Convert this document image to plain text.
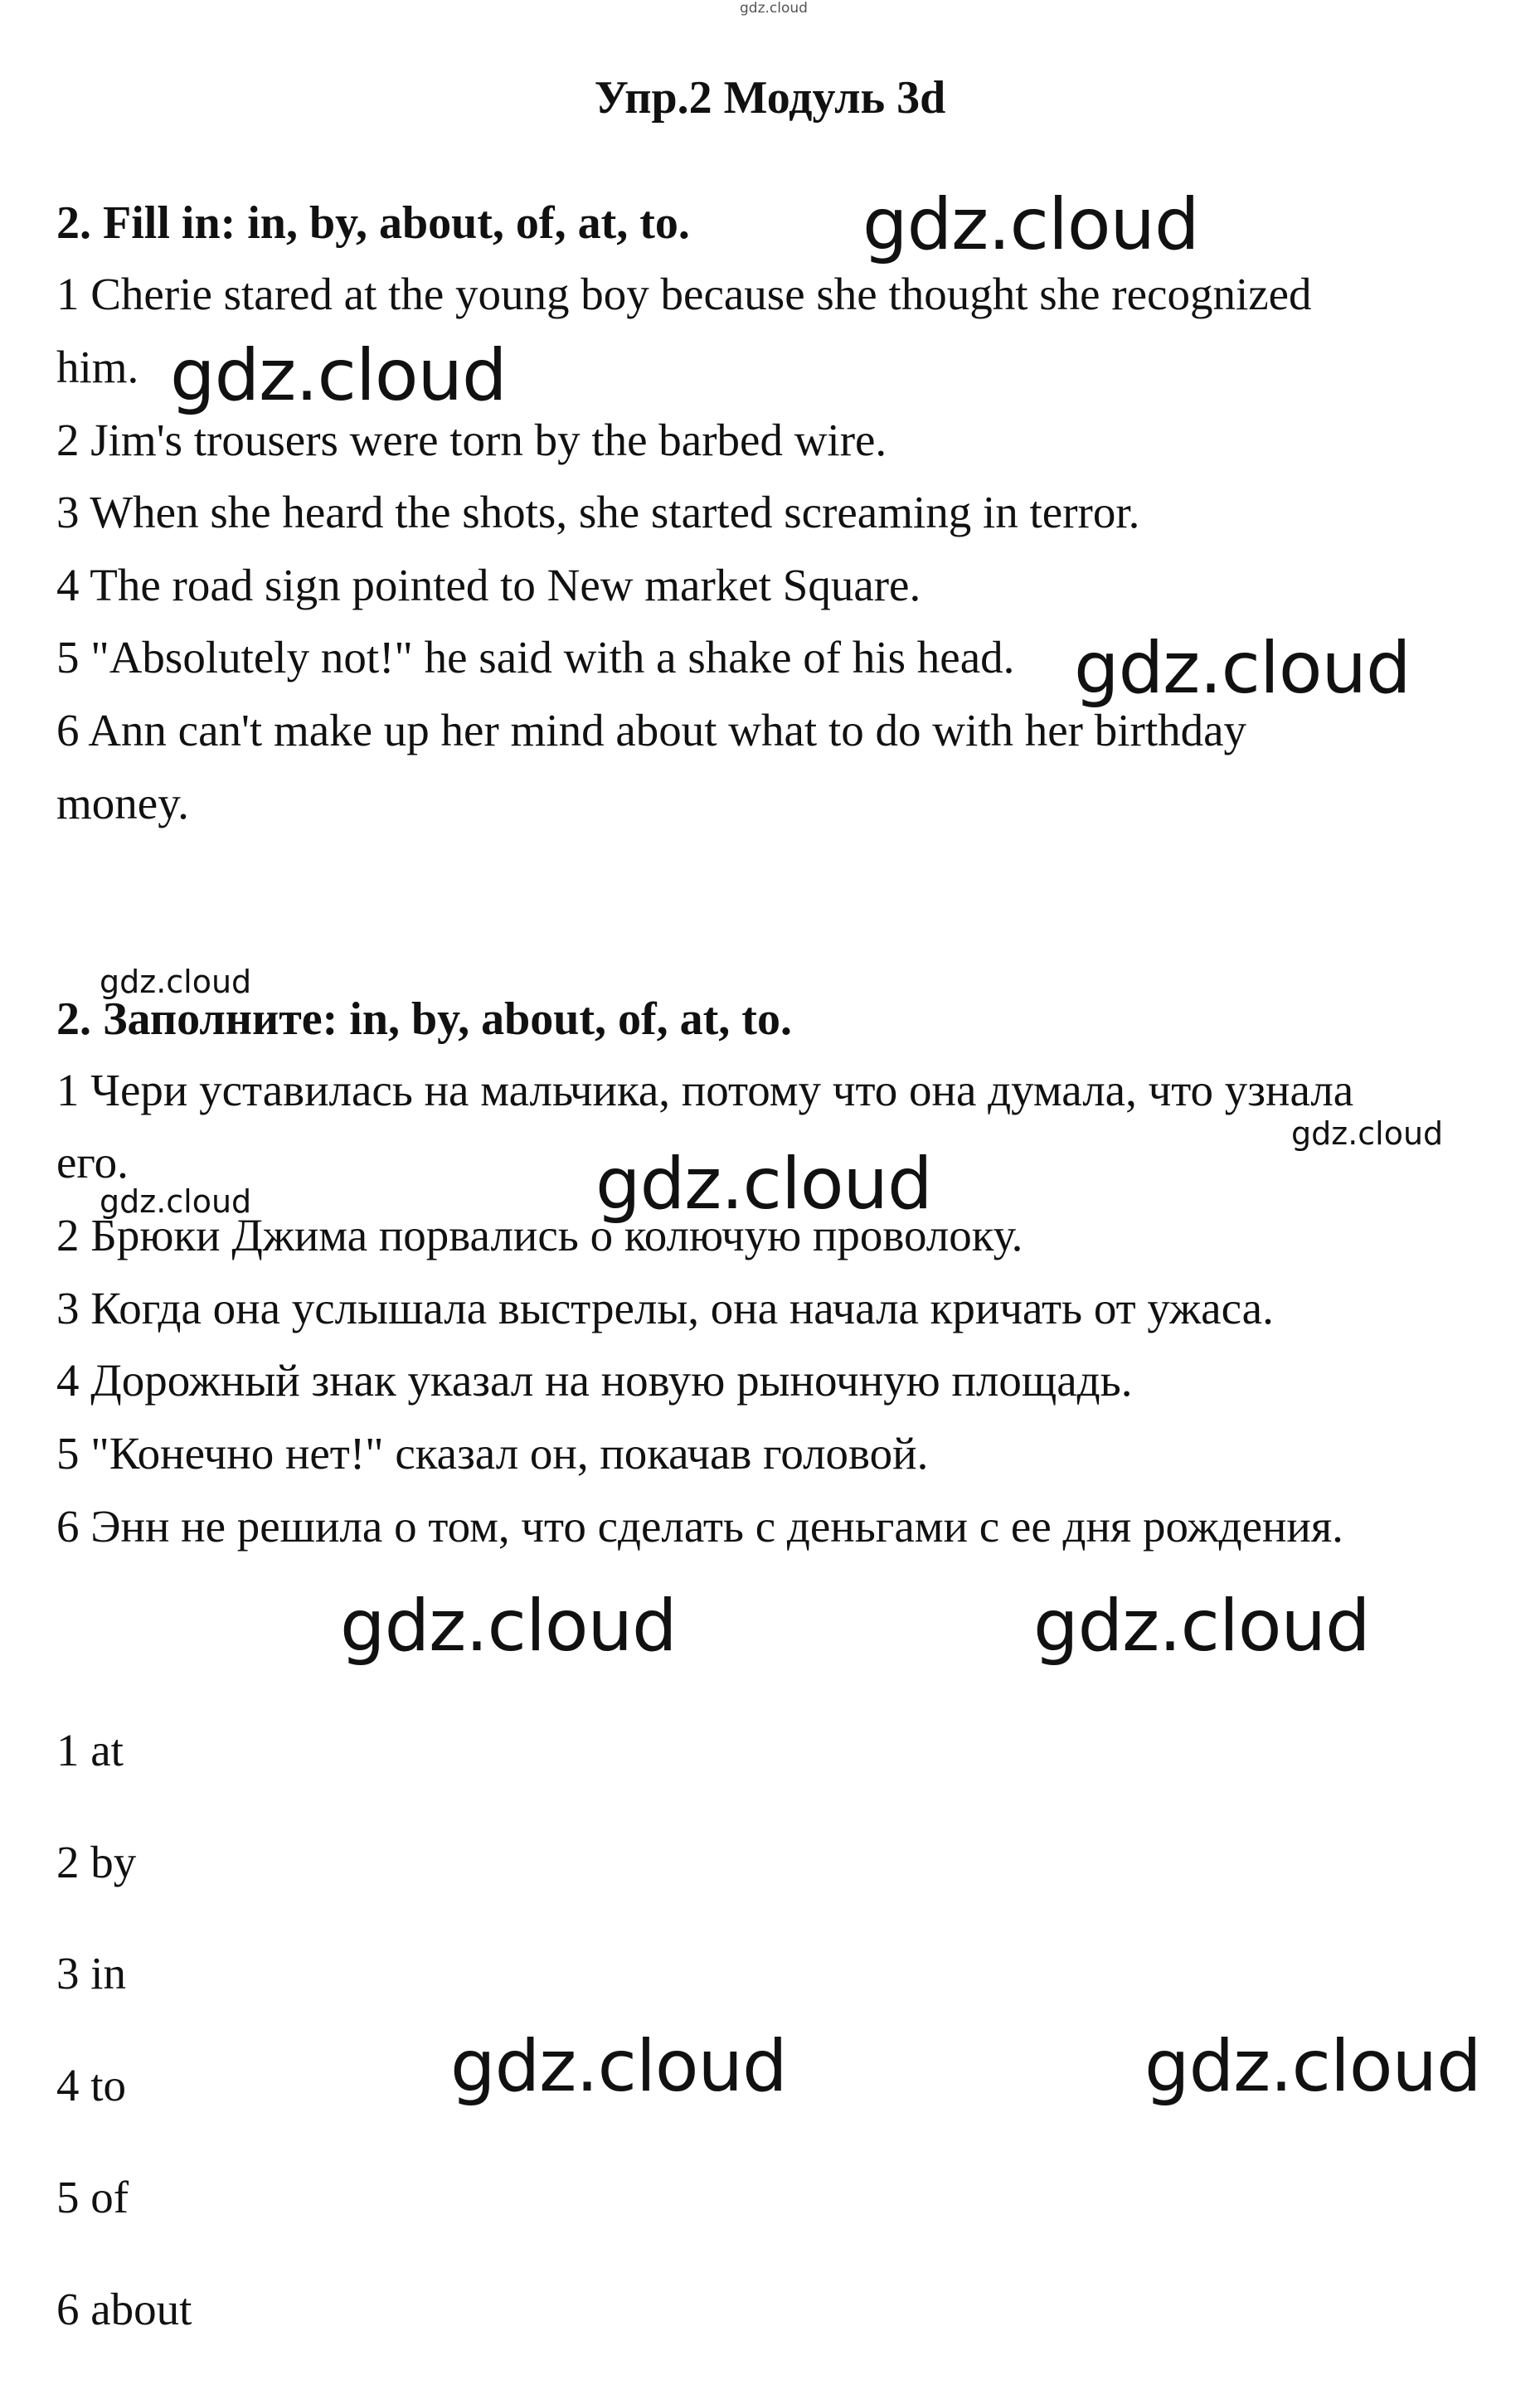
gdz.cloud
Упр.2 Модуль 3d
2. Fill in: in, by, about, of, at, to.
1 Cherie stared at the young boy because she thought she recognized
him.
2 Jim's trousers were torn by the barbed wire.
3 When she heard the shots, she started screaming in terror.
4 The road sign pointed to New market Square.
5 "Absolutely not!" he said with a shake of his head.
6 Ann can't make up her mind about what to do with her birthday
money.
2. Заполните: in, by, about, of, at, to.
1 Чери уставилась на мальчика, потому что она думала, что узнала
его.
2 Брюки Джима порвались о колючую проволоку.
3 Когда она услышала выстрелы, она начала кричать от ужаса.
4 Дорожный знак указал на новую рыночную площадь.
5 "Конечно нет!" сказал он, покачав головой.
6 Энн не решила о том, что сделать с деньгами с ее дня рождения.
1 at
2 by
3 in
4 to
5 of
6 about
gdz.cloud
gdz.cloud
gdz.cloud
gdz.cloud
gdz.cloud
gdz.cloud	gdz.cloud
gdz.cloud	gdz.cloud
gdz.cloud	gdz.cloud
